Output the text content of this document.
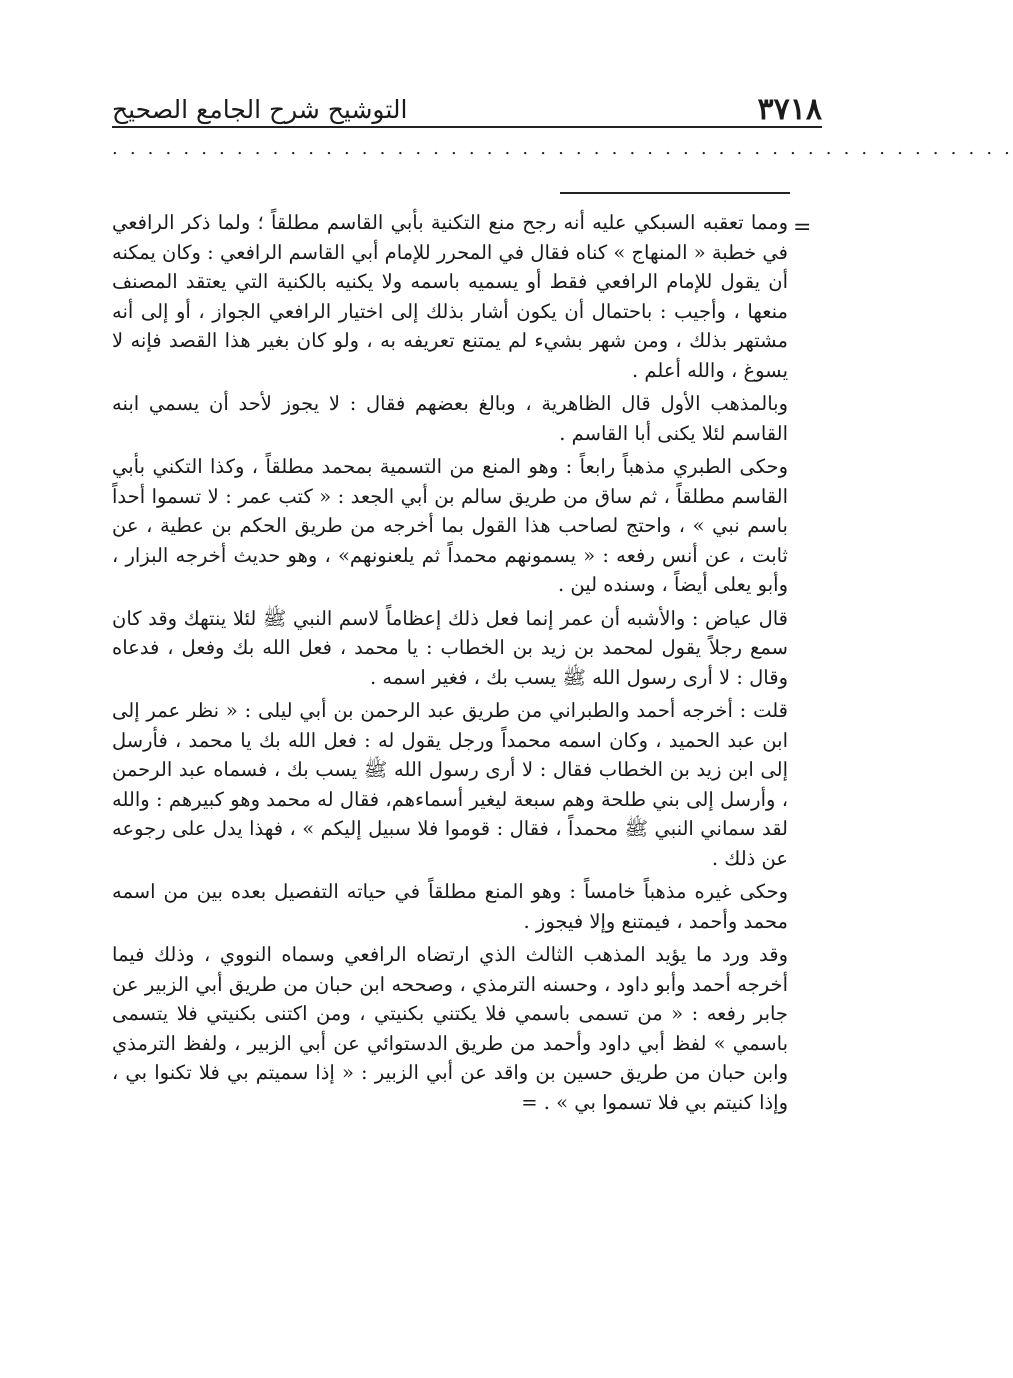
٣٧١٨
التوشيح شرح الجامع الصحيح
. . . . . . . . . . . . . . . . . . . . . . . . . . . . . . . . . . . . . . . . . . . . . . . . . . .
=

ومما تعقبه السبكي عليه أنه رجح منع التكنية بأبي القاسم مطلقاً ؛ ولما ذكر الرافعي في خطبة « المنهاج » كناه فقال في المحرر للإمام أبي القاسم الرافعي : وكان يمكنه أن يقول للإمام الرافعي فقط أو يسميه باسمه ولا يكنيه بالكنية التي يعتقد المصنف منعها ، وأجيب : باحتمال أن يكون أشار بذلك إلى اختيار الرافعي الجواز ، أو إلى أنه مشتهر بذلك ، ومن شهر بشيء لم يمتنع تعريفه به ، ولو كان بغير هذا القصد فإنه لا يسوغ ، والله أعلم .

وبالمذهب الأول قال الظاهرية ، وبالغ بعضهم فقال : لا يجوز لأحد أن يسمي ابنه القاسم لئلا يكنى أبا القاسم .

وحكى الطبري مذهباً رابعاً : وهو المنع من التسمية بمحمد مطلقاً ، وكذا التكني بأبي القاسم مطلقاً ، ثم ساق من طريق سالم بن أبي الجعد : « كتب عمر : لا تسموا أحداً باسم نبي » ، واحتج لصاحب هذا القول بما أخرجه من طريق الحكم بن عطية ، عن ثابت ، عن أنس رفعه : « يسمونهم محمداً ثم يلعنونهم» ، وهو حديث أخرجه البزار ، وأبو يعلى أيضاً ، وسنده لين .

قال عياض : والأشبه أن عمر إنما فعل ذلك إعظاماً لاسم النبي ﷺ لئلا ينتهك وقد كان سمع رجلاً يقول لمحمد بن زيد بن الخطاب : يا محمد ، فعل الله بك وفعل ، فدعاه وقال : لا أرى رسول الله ﷺ يسب بك ، فغير اسمه .

قلت : أخرجه أحمد والطبراني من طريق عبد الرحمن بن أبي ليلى : « نظر عمر إلى ابن عبد الحميد ، وكان اسمه محمداً ورجل يقول له : فعل الله بك يا محمد ، فأرسل إلى ابن زيد بن الخطاب فقال : لا أرى رسول الله ﷺ يسب بك ، فسماه عبد الرحمن ، وأرسل إلى بني طلحة وهم سبعة ليغير أسماءهم، فقال له محمد وهو كبيرهم : والله لقد سماني النبي ﷺ محمداً ، فقال : قوموا فلا سبيل إليكم » ، فهذا يدل على رجوعه عن ذلك .

وحكى غيره مذهباً خامساً : وهو المنع مطلقاً في حياته التفصيل بعده بين من اسمه محمد وأحمد ، فيمتنع وإلا فيجوز .

وقد ورد ما يؤيد المذهب الثالث الذي ارتضاه الرافعي وسماه النووي ، وذلك فيما أخرجه أحمد وأبو داود ، وحسنه الترمذي ، وصححه ابن حبان من طريق أبي الزبير عن جابر رفعه : « من تسمى باسمي فلا يكتني بكنيتي ، ومن اكتنى بكنيتي فلا يتسمى باسمي » لفظ أبي داود وأحمد من طريق الدستوائي عن أبي الزبير ، ولفظ الترمذي وابن حبان من طريق حسين بن واقد عن أبي الزبير : « إذا سميتم بي فلا تكنوا بي ، وإذا كنيتم بي فلا تسموا بي » . =
